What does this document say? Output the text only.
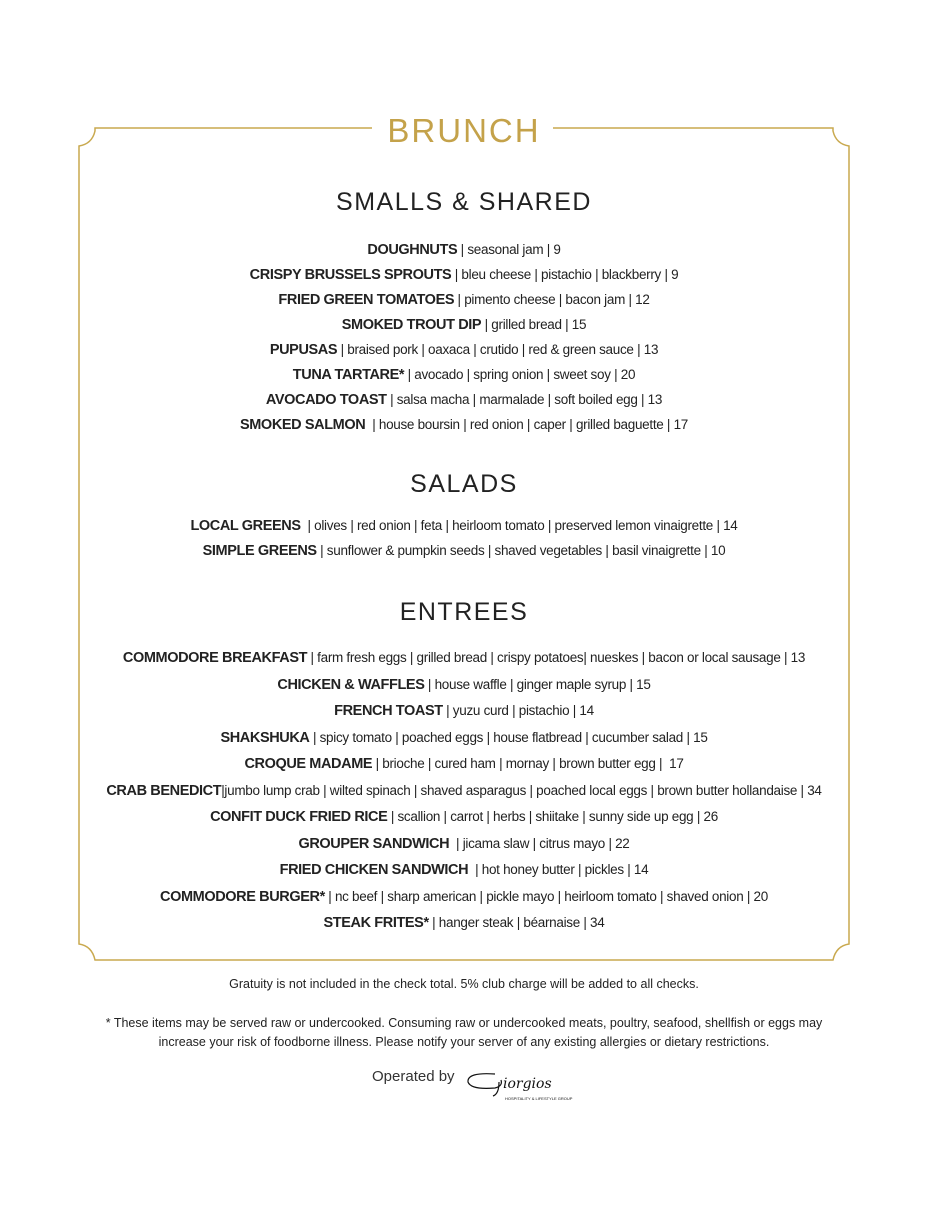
BRUNCH
SMALLS & SHARED
DOUGHNUTS | seasonal jam | 9
CRISPY BRUSSELS SPROUTS | bleu cheese | pistachio | blackberry | 9
FRIED GREEN TOMATOES | pimento cheese | bacon jam | 12
SMOKED TROUT DIP | grilled bread | 15
PUPUSAS | braised pork | oaxaca | crutido | red & green sauce | 13
TUNA TARTARE* | avocado | spring onion | sweet soy | 20
AVOCADO TOAST | salsa macha | marmalade | soft boiled egg | 13
SMOKED SALMON  | house boursin | red onion | caper | grilled baguette | 17
SALADS
LOCAL GREENS  | olives | red onion | feta | heirloom tomato | preserved lemon vinaigrette | 14
SIMPLE GREENS | sunflower & pumpkin seeds | shaved vegetables | basil vinaigrette | 10
ENTREES
COMMODORE BREAKFAST | farm fresh eggs | grilled bread | crispy potatoes| nueskes | bacon or local sausage | 13
CHICKEN & WAFFLES | house waffle | ginger maple syrup | 15
FRENCH TOAST | yuzu curd | pistachio | 14
SHAKSHUKA | spicy tomato | poached eggs | house flatbread | cucumber salad | 15
CROQUE MADAME | brioche | cured ham | mornay | brown butter egg |  17
CRAB BENEDICT|jumbo lump crab | wilted spinach | shaved asparagus | poached local eggs | brown butter hollandaise | 34
CONFIT DUCK FRIED RICE | scallion | carrot | herbs | shiitake | sunny side up egg | 26
GROUPER SANDWICH  | jicama slaw | citrus mayo | 22
FRIED CHICKEN SANDWICH  | hot honey butter | pickles | 14
COMMODORE BURGER* | nc beef | sharp american | pickle mayo | heirloom tomato | shaved onion | 20
STEAK FRITES* | hanger steak | béarnaise | 34
Gratuity is not included in the check total. 5% club charge will be added to all checks.
* These items may be served raw or undercooked. Consuming raw or undercooked meats, poultry, seafood, shellfish or eggs may
increase your risk of foodborne illness. Please notify your server of any existing allergies or dietary restrictions.
Operated by	iorgios
HOSPITALITY & LIFESTYLE GROUP
